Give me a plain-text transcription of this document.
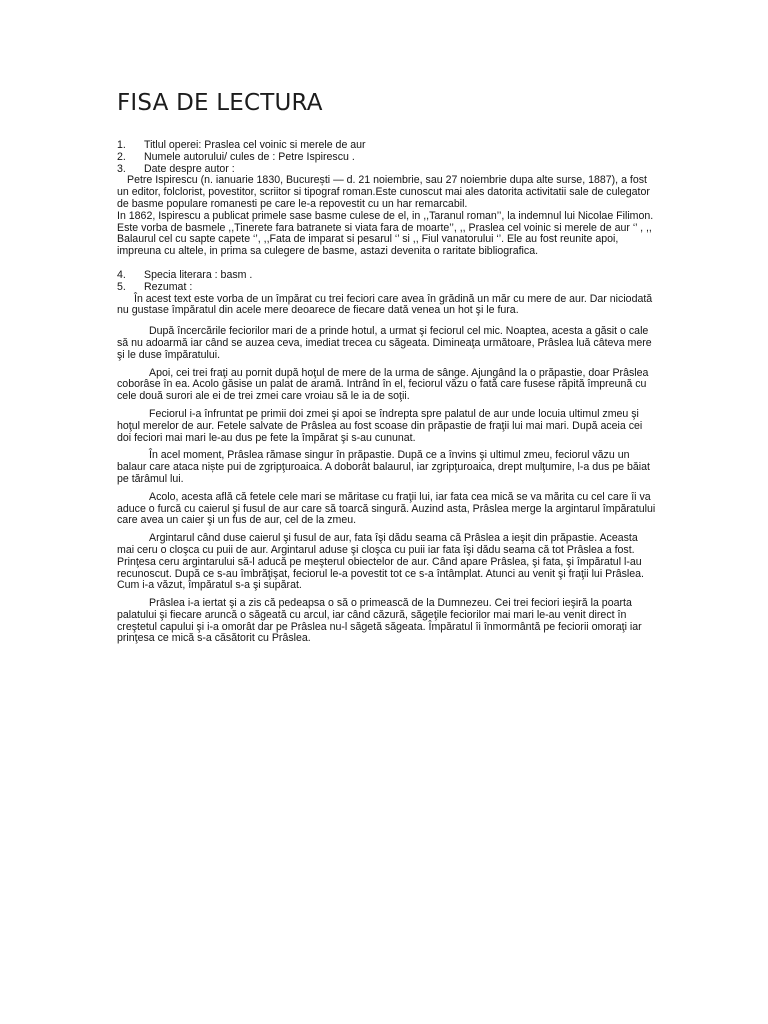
FISA DE LECTURA
1.	Titlul operei: Praslea cel voinic si merele de aur
2.	Numele autorului/ cules de : Petre Ispirescu .
3.	Date despre autor :

Petre Ispirescu (n. ianuarie 1830, București — d. 21 noiembrie, sau 27 noiembrie dupa alte surse, 1887), a fost un editor, folclorist, povestitor, scriitor si tipograf roman.Este cunoscut mai ales datorita activitatii sale de culegator de basme populare romanesti pe care le-a repovestit cu un har remarcabil.

In 1862, Ispirescu a publicat primele sase basme culese de el, in ,,Taranul roman’’, la indemnul lui Nicolae Filimon. Este vorba de basmele ,,Tinerete fara batranete si viata fara de moarte’’, ,, Praslea cel voinic si merele de aur ‘’ , ,, Balaurul cel cu sapte capete ‘’, ,,Fata de imparat si pesarul ‘’ si ,, Fiul vanatorului ‘’. Ele au fost reunite apoi, impreuna cu altele, in prima sa culegere de basme, astazi devenita o raritate bibliografica.

4.	Specia literara : basm .
5.	Rezumat :

În acest text este vorba de un împărat cu trei feciori care avea în grădină un măr cu mere de aur. Dar niciodată nu gustase împăratul din acele mere deoarece de fiecare dată venea un hot şi le fura.

După încercările feciorilor mari de a prinde hotul, a urmat şi feciorul cel mic. Noaptea, acesta a găsit o cale să nu adoarmă iar când se auzea ceva, imediat trecea cu săgeata. Dimineaţa următoare, Prâslea luă câteva mere şi le duse împăratului.

Apoi, cei trei fraţi au pornit după hoţul de mere de la urma de sânge. Ajungând la o prăpastie, doar Prâslea coborâse în ea. Acolo găsise un palat de aramă. Intrând în el, feciorul văzu o fată care fusese răpită împreună cu cele două surori ale ei de trei zmei care vroiau să le ia de soţii.

Feciorul i-a înfruntat pe primii doi zmei şi apoi se îndrepta spre palatul de aur unde locuia ultimul zmeu şi hoţul merelor de aur. Fetele salvate de Prâslea au fost scoase din prăpastie de fraţii lui mai mari. După aceia cei doi feciori mai mari le-au dus pe fete la împărat şi s-au cununat.

În acel moment, Prâslea rămase singur în prăpastie. După ce a învins şi ultimul zmeu, feciorul văzu un balaur care ataca niște pui de zgripţuroaica. A doborât balaurul, iar zgripţuroaica, drept mulţumire, l-a dus pe băiat pe tărâmul lui.

Acolo, acesta află că fetele cele mari se măritase cu fraţii lui, iar fata cea mică se va mărita cu cel care îi va aduce o furcă cu caierul şi fusul de aur care să toarcă singură. Auzind asta, Prâslea merge la argintarul împăratului care avea un caier şi un fus de aur, cel de la zmeu.

Argintarul când duse caierul şi fusul de aur, fata îşi dădu seama că Prâslea a ieşit din prăpastie. Aceasta mai ceru o cloşca cu puii de aur. Argintarul aduse şi cloşca cu puii iar fata îşi dădu seama că tot Prâslea a fost. Prinţesa ceru argintarului să-l aducă pe meşterul obiectelor de aur. Când apare Prâslea, şi fata, şi împăratul l-au recunoscut. După ce s-au îmbrăţişat, feciorul le-a povestit tot ce s-a întâmplat. Atunci au venit şi fraţii lui Prâslea. Cum i-a văzut, împăratul s-a şi supărat.

Prâslea i-a iertat şi a zis că pedeapsa o să o primească de la Dumnezeu. Cei trei feciori ieşiră la poarta palatului şi fiecare aruncă o săgeată cu arcul, iar când căzură, săgeţile feciorilor mai mari le-au venit direct în creştetul capului şi i-a omorât dar pe Prâslea nu-l săgetă săgeata. Împăratul îi înmormântă pe feciorii omoraţi iar prinţesa ce mică s-a căsătorit cu Prâslea.
